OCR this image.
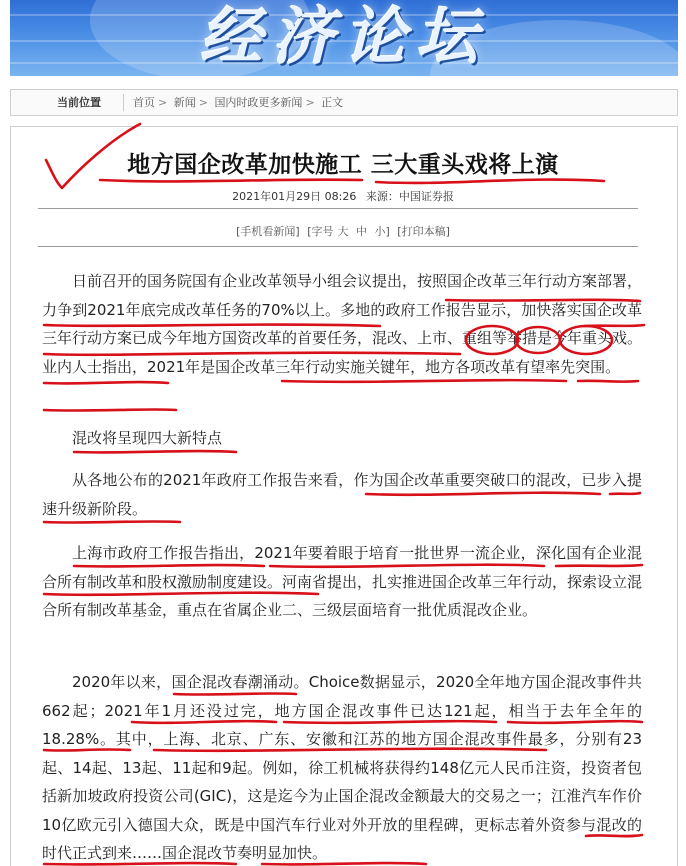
经济论坛
当前位置	首页 > 新闻 > 国内时政更多新闻 > 正文
地方国企改革加快施工 三大重头戏将上演
2021年01月29日 08:26 来源：中国证券报
[手机看新闻] [字号 大 中 小] [打印本稿]

日前召开的国务院国有企业改革领导小组会议提出，按照国企改革三年行动方案部署，力争到2021年底完成改革任务的70%以上。多地的政府工作报告显示，加快落实国企改革三年行动方案已成今年地方国资改革的首要任务，混改、上市、重组等举措是今年重头戏。业内人士指出，2021年是国企改革三年行动实施关键年，地方各项改革有望率先突围。

混改将呈现四大新特点

从各地公布的2021年政府工作报告来看，作为国企改革重要突破口的混改，已步入提速升级新阶段。

上海市政府工作报告指出，2021年要着眼于培育一批世界一流企业，深化国有企业混合所有制改革和股权激励制度建设。河南省提出，扎实推进国企改革三年行动，探索设立混合所有制改革基金，重点在省属企业二、三级层面培育一批优质混改企业。

2020年以来，国企混改春潮涌动。Choice数据显示，2020全年地方国企混改事件共662起；2021年1月还没过完，地方国企混改事件已达121起，相当于去年全年的18.28%。其中，上海、北京、广东、安徽和江苏的地方国企混改事件最多，分别有23起、14起、13起、11起和9起。例如，徐工机械将获得约148亿元人民币注资，投资者包括新加坡政府投资公司(GIC)，这是迄今为止国企混改金额最大的交易之一；江淮汽车作价10亿欧元引入德国大众，既是中国汽车行业对外开放的里程碑，更标志着外资参与混改的时代正式到来……国企混改节奏明显加快。
